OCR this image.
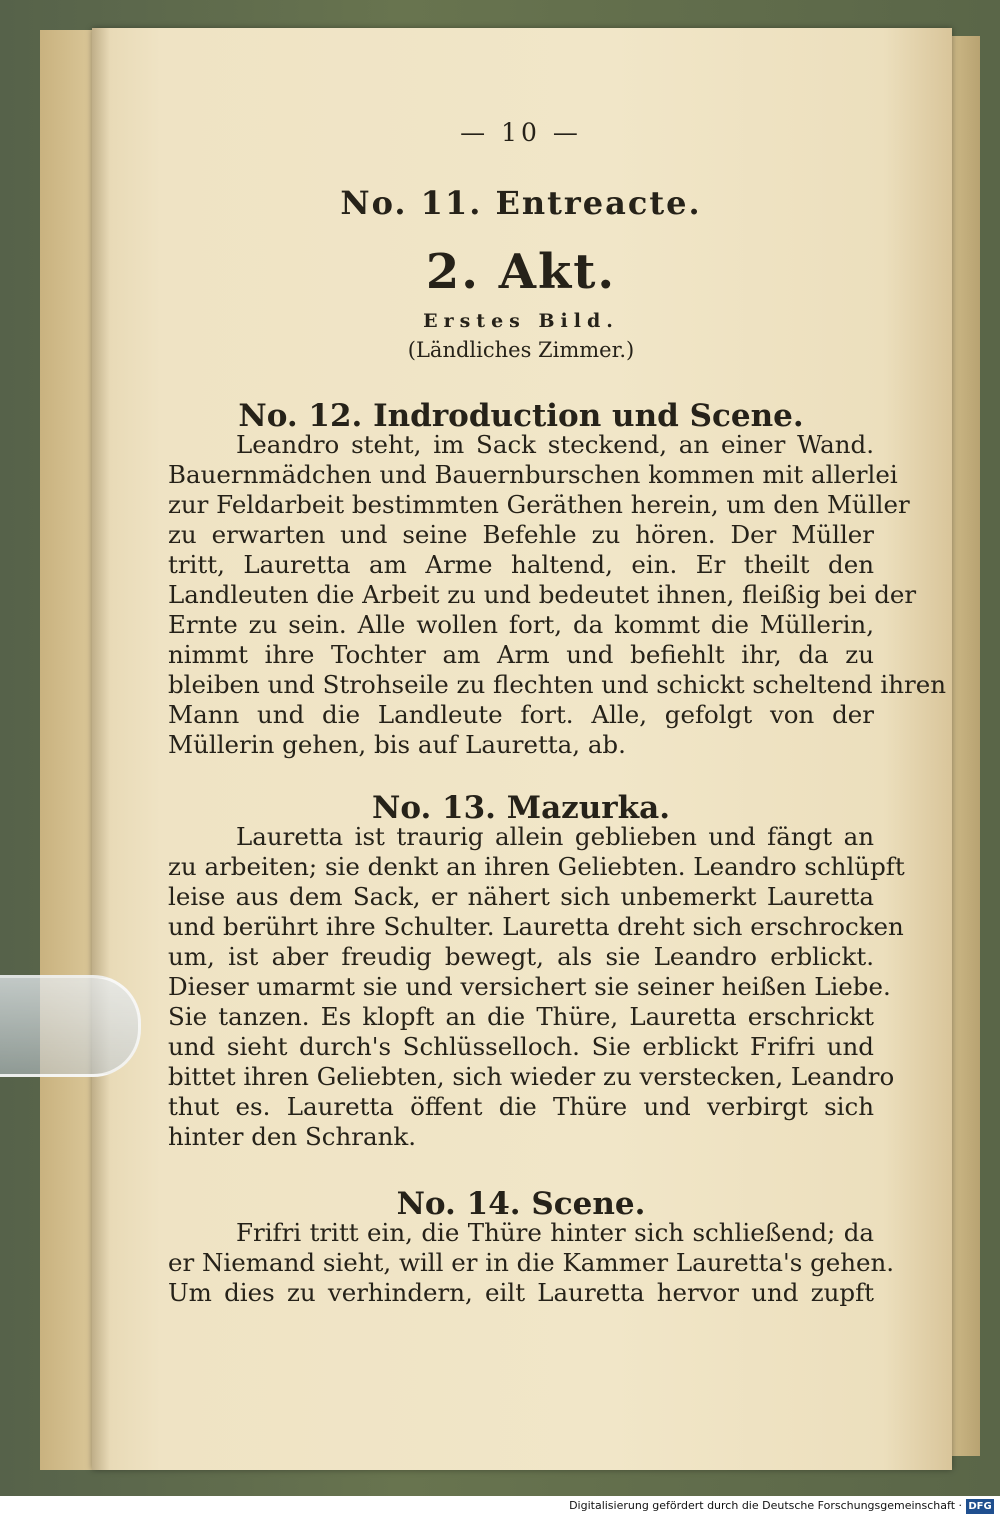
— 10 —
No. 11. Entreacte.
2. Akt.
Erstes Bild.
(Ländliches Zimmer.)
No. 12. Indroduction und Scene.
Leandro steht, im Sack steckend, an einer Wand.
Bauernmädchen und Bauernburschen kommen mit allerlei
zur Feldarbeit bestimmten Geräthen herein, um den Müller
zu erwarten und seine Befehle zu hören. Der Müller
tritt, Lauretta am Arme haltend, ein. Er theilt den
Landleuten die Arbeit zu und bedeutet ihnen, fleißig bei der
Ernte zu sein. Alle wollen fort, da kommt die Müllerin,
nimmt ihre Tochter am Arm und befiehlt ihr, da zu
bleiben und Strohseile zu flechten und schickt scheltend ihren
Mann und die Landleute fort. Alle, gefolgt von der
Müllerin gehen, bis auf Lauretta, ab.
No. 13. Mazurka.
Lauretta ist traurig allein geblieben und fängt an
zu arbeiten; sie denkt an ihren Geliebten. Leandro schlüpft
leise aus dem Sack, er nähert sich unbemerkt Lauretta
und berührt ihre Schulter. Lauretta dreht sich erschrocken
um, ist aber freudig bewegt, als sie Leandro erblickt.
Dieser umarmt sie und versichert sie seiner heißen Liebe.
Sie tanzen. Es klopft an die Thüre, Lauretta erschrickt
und sieht durch's Schlüsselloch. Sie erblickt Frifri und
bittet ihren Geliebten, sich wieder zu verstecken, Leandro
thut es. Lauretta öffent die Thüre und verbirgt sich
hinter den Schrank.
No. 14. Scene.
Frifri tritt ein, die Thüre hinter sich schließend; da
er Niemand sieht, will er in die Kammer Lauretta's gehen.
Um dies zu verhindern, eilt Lauretta hervor und zupft
Digitalisierung gefördert durch die Deutsche Forschungsgemeinschaft · DFG
